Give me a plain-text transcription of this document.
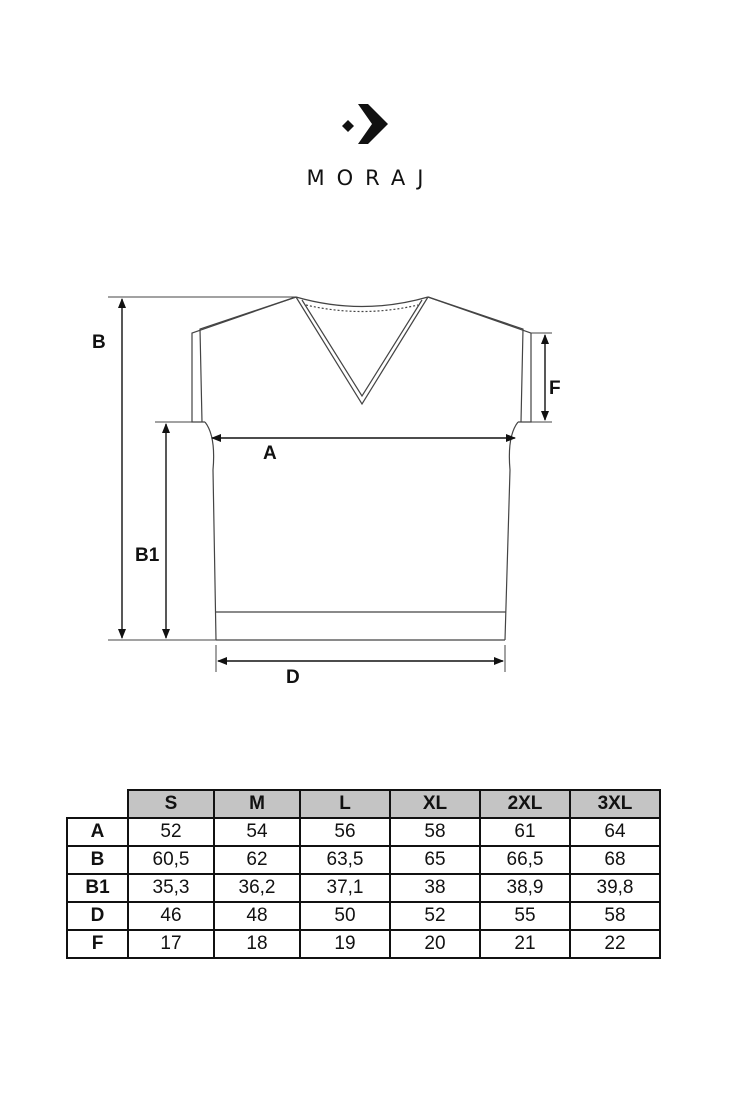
MORAJ
B
B1
A
F
D
	S	M	L	XL	2XL	3XL
A	52	54	56	58	61	64
B	60,5	62	63,5	65	66,5	68
B1	35,3	36,2	37,1	38	38,9	39,8
D	46	48	50	52	55	58
F	17	18	19	20	21	22
